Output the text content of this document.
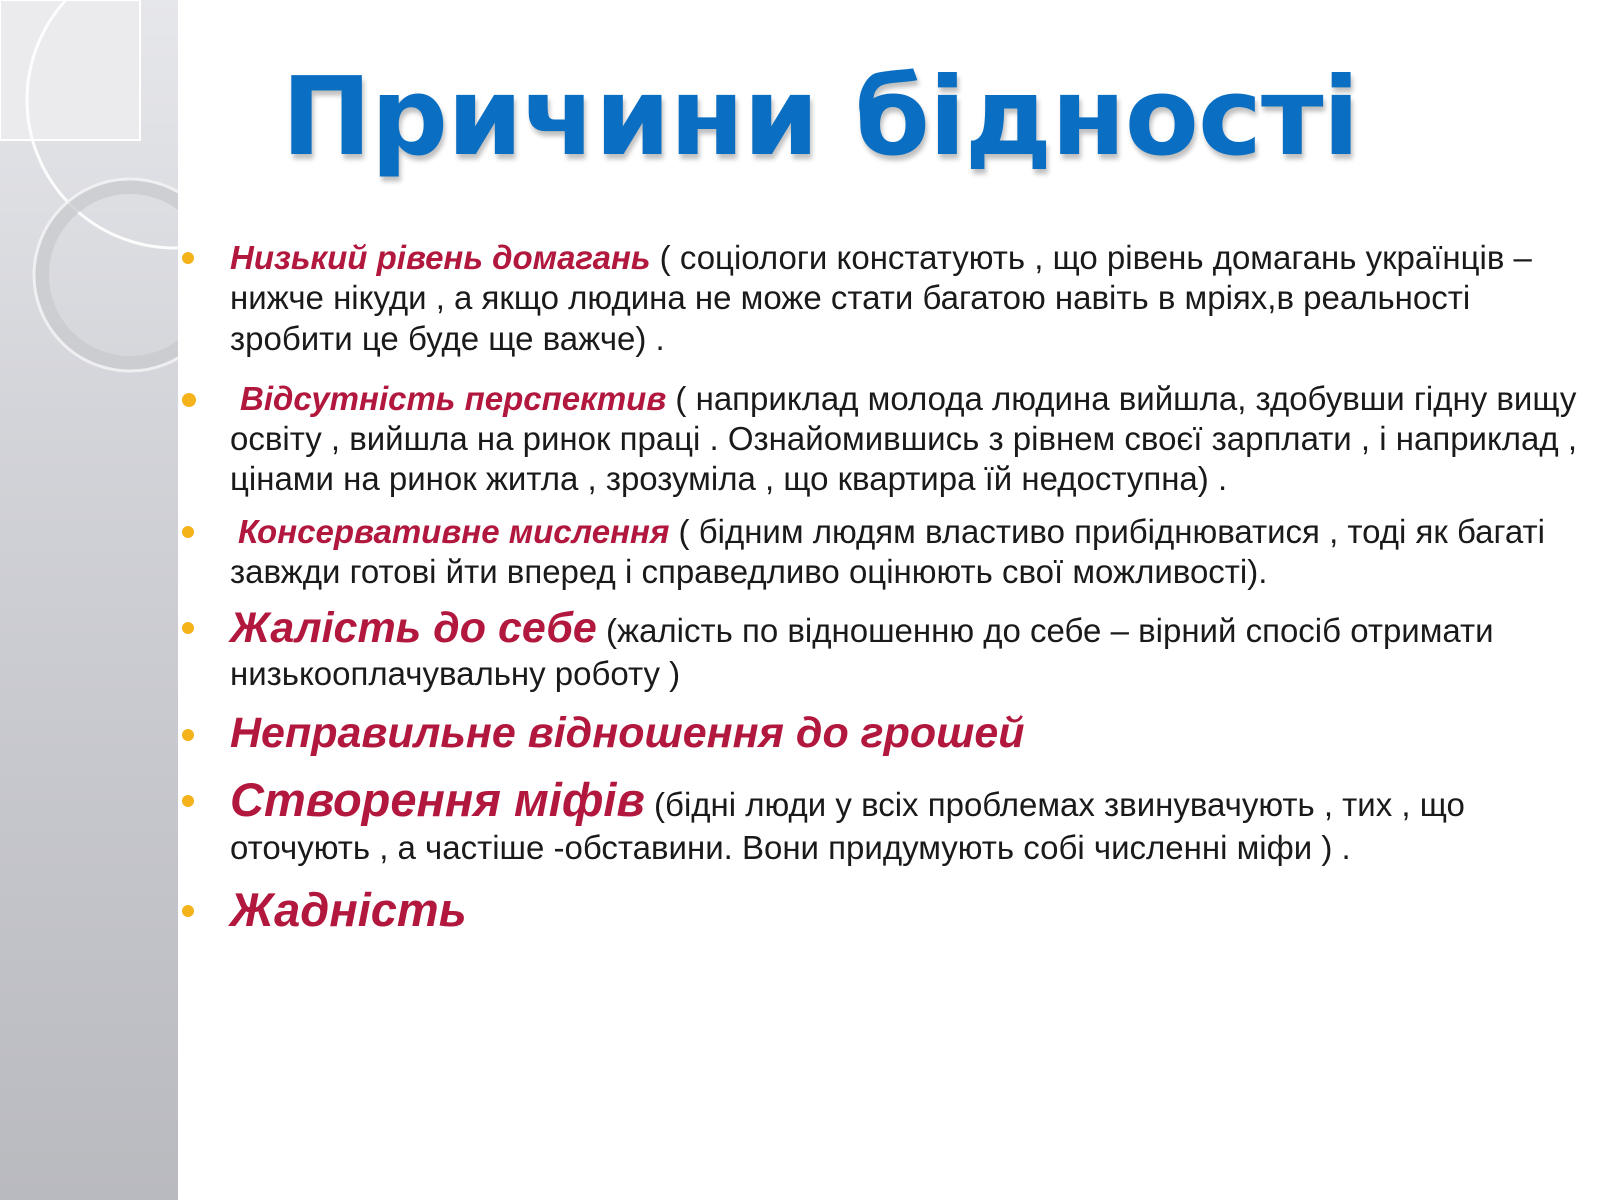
Причини бідності
Низький рівень домагань ( соціологи констатують , що рівень домагань українців – нижче нікуди , а якщо людина не може стати багатою навіть в мріях,в реальності зробити це буде ще важче) .
Відсутність перспектив ( наприклад молода людина вийшла, здобувши гідну вищу освіту , вийшла на ринок праці . Ознайомившись з рівнем своєї зарплати , і наприклад , цінами на ринок житла , зрозуміла , що квартира їй недоступна) .
Консервативне мислення ( бідним людям властиво прибіднюватися , тоді як багаті завжди готові йти вперед і справедливо оцінюють свої можливості).
Жалість до себе (жалість по відношенню до себе – вірний спосіб отримати низькооплачувальну роботу )
Неправильне відношення до грошей
Створення міфів (бідні люди у всіх проблемах звинувачують , тих , що оточують , а частіше -обставини. Вони придумують собі численні міфи ) .
Жадність
